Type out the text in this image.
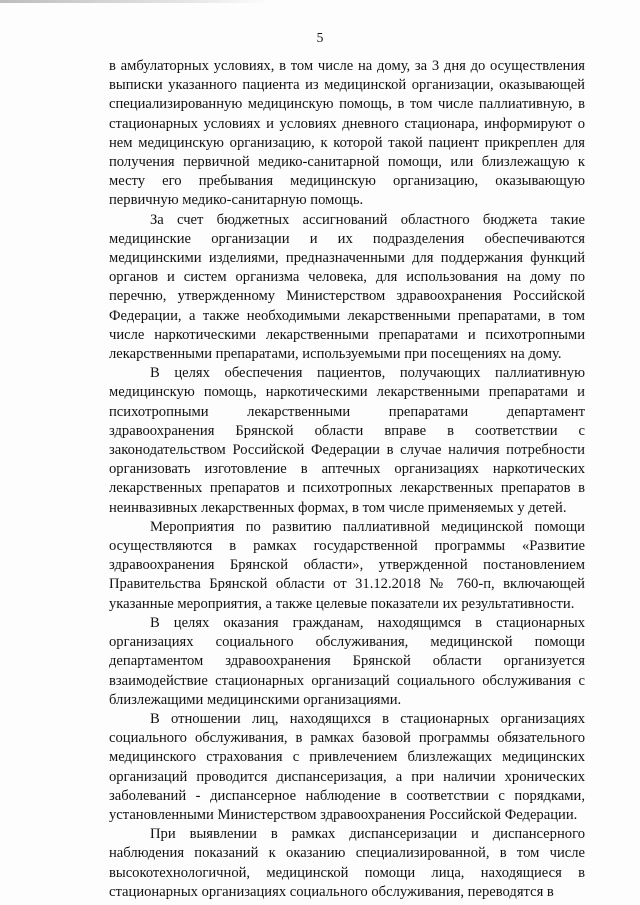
5

в амбулаторных условиях, в том числе на дому, за 3 дня до осуществления выписки указанного пациента из медицинской организации, оказывающей специализированную медицинскую помощь, в том числе паллиативную, в стационарных условиях и условиях дневного стационара, информируют о нем медицинскую организацию, к которой такой пациент прикреплен для получения первичной медико-санитарной помощи, или близлежащую к месту его пребывания медицинскую организацию, оказывающую первичную медико-санитарную помощь.

За счет бюджетных ассигнований областного бюджета такие медицинские организации и их подразделения обеспечиваются медицинскими изделиями, предназначенными для поддержания функций органов и систем организма человека, для использования на дому по перечню, утвержденному Министерством здравоохранения Российской Федерации, а также необходимыми лекарственными препаратами, в том числе наркотическими лекарственными препаратами и психотропными лекарственными препаратами, используемыми при посещениях на дому.

В целях обеспечения пациентов, получающих паллиативную медицинскую помощь, наркотическими лекарственными препаратами и психотропными лекарственными препаратами департамент здравоохранения Брянской области вправе в соответствии с законодательством Российской Федерации в случае наличия потребности организовать изготовление в аптечных организациях наркотических лекарственных препаратов и психотропных лекарственных препаратов в неинвазивных лекарственных формах, в том числе применяемых у детей.

Мероприятия по развитию паллиативной медицинской помощи осуществляются в рамках государственной программы «Развитие здравоохранения Брянской области», утвержденной постановлением Правительства Брянской области от 31.12.2018 № 760-п, включающей указанные мероприятия, а также целевые показатели их результативности.

В целях оказания гражданам, находящимся в стационарных организациях социального обслуживания, медицинской помощи департаментом здравоохранения Брянской области организуется взаимодействие стационарных организаций социального обслуживания с близлежащими медицинскими организациями.

В отношении лиц, находящихся в стационарных организациях социального обслуживания, в рамках базовой программы обязательного медицинского страхования с привлечением близлежащих медицинских организаций проводится диспансеризация, а при наличии хронических заболеваний - диспансерное наблюдение в соответствии с порядками, установленными Министерством здравоохранения Российской Федерации.

При выявлении в рамках диспансеризации и диспансерного наблюдения показаний к оказанию специализированной, в том числе высокотехнологичной, медицинской помощи лица, находящиеся в стационарных организациях социального обслуживания, переводятся в
